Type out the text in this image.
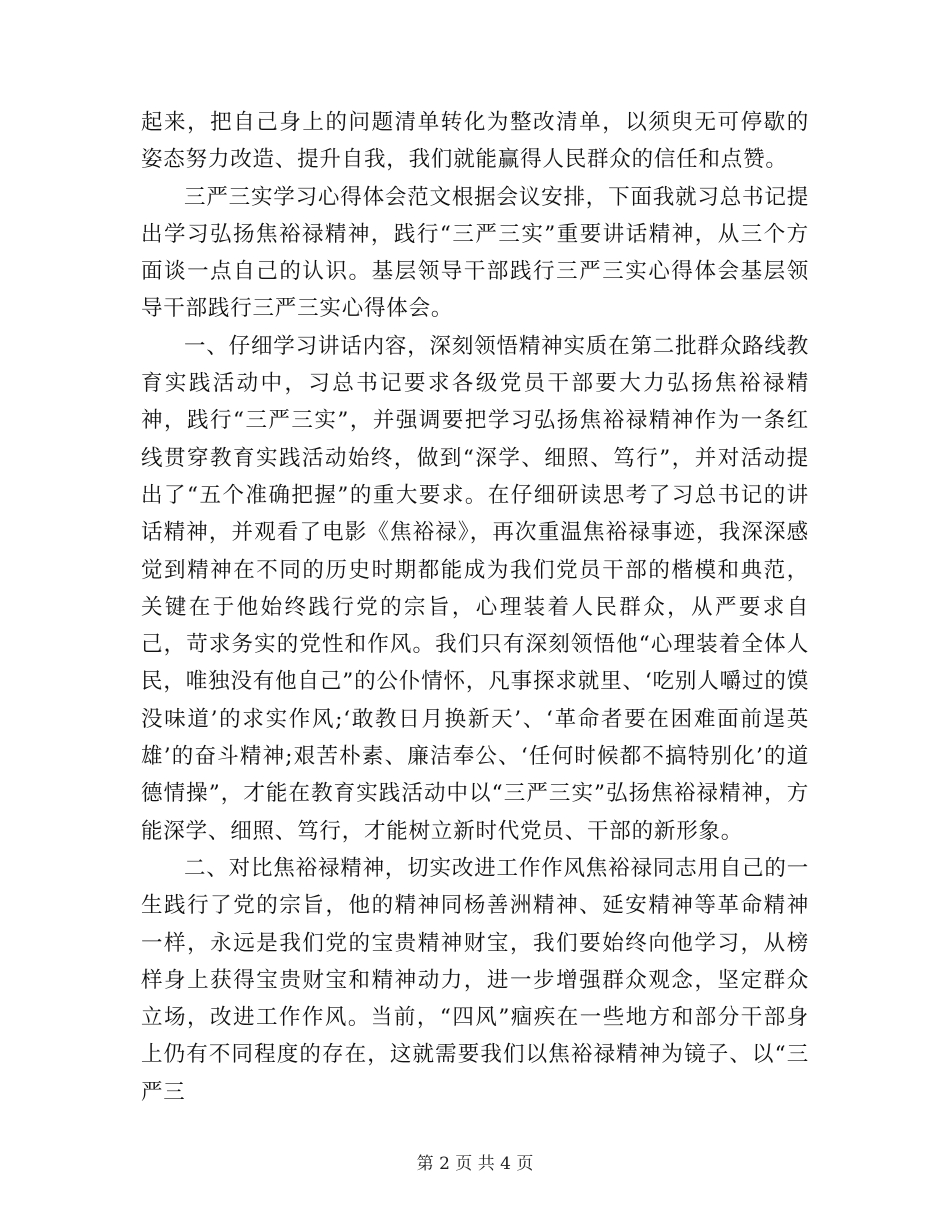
起来，把自己身上的问题清单转化为整改清单，以须臾无可停歇的姿态努力改造、提升自我，我们就能赢得人民群众的信任和点赞。

三严三实学习心得体会范文根据会议安排，下面我就习总书记提出学习弘扬焦裕禄精神，践行“三严三实”重要讲话精神，从三个方面谈一点自己的认识。基层领导干部践行三严三实心得体会基层领导干部践行三严三实心得体会。

一、仔细学习讲话内容，深刻领悟精神实质在第二批群众路线教育实践活动中，习总书记要求各级党员干部要大力弘扬焦裕禄精神，践行“三严三实”，并强调要把学习弘扬焦裕禄精神作为一条红线贯穿教育实践活动始终，做到“深学、细照、笃行”，并对活动提出了“五个准确把握”的重大要求。在仔细研读思考了习总书记的讲话精神，并观看了电影《焦裕禄》，再次重温焦裕禄事迹，我深深感觉到精神在不同的历史时期都能成为我们党员干部的楷模和典范，关键在于他始终践行党的宗旨，心理装着人民群众，从严要求自己，苛求务实的党性和作风。我们只有深刻领悟他“心理装着全体人民，唯独没有他自己”的公仆情怀，凡事探求就里、‘吃别人嚼过的馍没味道’的求实作风;‘敢教日月换新天’、‘革命者要在困难面前逞英雄’的奋斗精神;艰苦朴素、廉洁奉公、‘任何时候都不搞特别化’的道德情操”，才能在教育实践活动中以“三严三实”弘扬焦裕禄精神，方能深学、细照、笃行，才能树立新时代党员、干部的新形象。

二、对比焦裕禄精神，切实改进工作作风焦裕禄同志用自己的一生践行了党的宗旨，他的精神同杨善洲精神、延安精神等革命精神一样，永远是我们党的宝贵精神财宝，我们要始终向他学习，从榜样身上获得宝贵财宝和精神动力，进一步增强群众观念，坚定群众立场，改进工作作风。当前，“四风”痼疾在一些地方和部分干部身上仍有不同程度的存在，这就需要我们以焦裕禄精神为镜子、以“三严三

第 2 页 共 4 页
